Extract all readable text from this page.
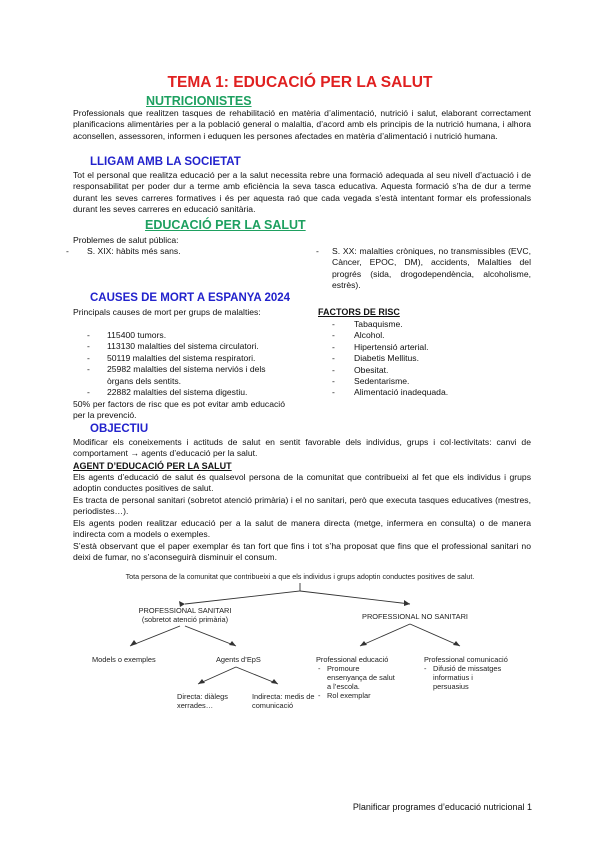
TEMA 1: EDUCACIÓ PER LA SALUT
NUTRICIONISTES
Professionals que realitzen tasques de rehabilitació en matèria d’alimentació, nutrició i salut, elaborant correctament planificacions alimentàries per a la població general o malaltia, d’acord amb els principis de la nutrició humana, i alhora aconsellen, assessoren, informen i eduquen les persones afectades en matèria d’alimentació i nutrició humana.
LLIGAM AMB LA SOCIETAT
Tot el personal que realitza educació per a la salut necessita rebre una formació adequada al seu nivell d’actuació i de responsabilitat per poder dur a terme amb eficiència la seva tasca educativa. Aquesta formació s’ha de dur a terme durant les seves carreres formatives i és per aquesta raó que cada vegada s’està intentant formar els professionals durant les seves carreres en educació sanitària.
EDUCACIÓ PER LA SALUT
Problemes de salut pública:
- S. XIX: hàbits més sans.	- S. XX: malalties cròniques, no transmissibles (EVC, Càncer, EPOC, DM), accidents, Malalties del progrés (sida, drogodependència, alcoholisme, estrès).
CAUSES DE MORT A ESPANYA 2024
Principals causes de mort per grups de malalties:
- 115400 tumors.
- 113130 malalties del sistema circulatori.
- 50119 malalties del sistema respiratori.
- 25982 malalties del sistema nerviós i dels òrgans dels sentits.
- 22882 malalties del sistema digestiu.
50% per factors de risc que es pot evitar amb educació per la prevenció.
FACTORS DE RISC
- Tabaquisme.
- Alcohol.
- Hipertensió arterial.
- Diabetis Mellitus.
- Obesitat.
- Sedentarisme.
- Alimentació inadequada.
OBJECTIU
Modificar els coneixements i actituds de salut en sentit favorable dels individus, grups i col·lectivitats: canvi de comportament → agents d’educació per la salut.
AGENT D’EDUCACIÓ PER LA SALUT
Els agents d’educació de salut és qualsevol persona de la comunitat que contribueixi al fet que els individus i grups adoptin conductes positives de salut.
Es tracta de personal sanitari (sobretot atenció primària) i el no sanitari, però que executa tasques educatives (mestres, periodistes…).
Els agents poden realitzar educació per a la salut de manera directa (metge, infermera en consulta) o de manera indirecta com a models o exemples.
S’està observant que el paper exemplar és tan fort que fins i tot s’ha proposat que fins que el professional sanitari no deixi de fumar, no s’aconseguirà disminuir el consum.
Tota persona de la comunitat que contribueixi a que els individus i grups adoptin conductes positives de salut.
PROFESSIONAL SANITARI
(sobretot atenció primària)	PROFESSIONAL NO SANITARI
Models o exemples	Agents d’EpS
Directa: diàlegs xerrades…
Indirecta: medis de comunicació
Professional educació
- Promoure ensenyança de salut a l’escola.
- Rol exemplar
Professional comunicació
- Difusió de missatges informatius i persuasius
Planificar programes d’educació nutricional 1
